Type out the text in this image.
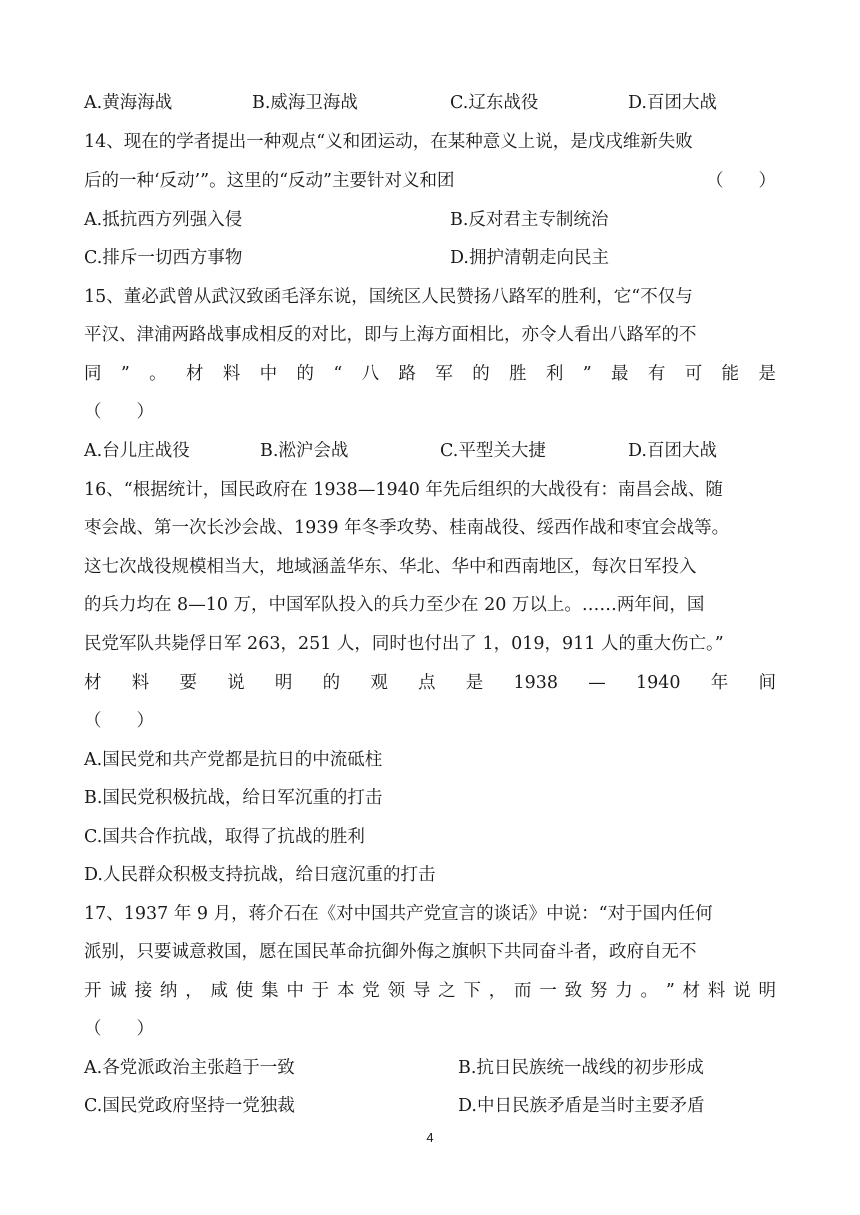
A.黄海海战	B.威海卫海战	C.辽东战役	D.百团大战
14、现在的学者提出一种观点“义和团运动，在某种意义上说，是戊戌维新失败
后的一种‘反动’”。这里的“反动”主要针对义和团	（　　）
A.抵抗西方列强入侵	B.反对君主专制统治
C.排斥一切西方事物	D.拥护清朝走向民主
15、董必武曾从武汉致函毛泽东说，国统区人民赞扬八路军的胜利，它“不仅与
平汉、津浦两路战事成相反的对比，即与上海方面相比，亦令人看出八路军的不
同 ” 。 材 料 中 的 “ 八 路 军 的 胜 利 ” 最 有 可 能 是
（　　）
A.台儿庄战役	B.淞沪会战	C.平型关大捷	D.百团大战
16、“根据统计，国民政府在 1938—1940 年先后组织的大战役有：南昌会战、随
枣会战、第一次长沙会战、1939 年冬季攻势、桂南战役、绥西作战和枣宜会战等。
这七次战役规模相当大，地域涵盖华东、华北、华中和西南地区，每次日军投入
的兵力均在 8—10 万，中国军队投入的兵力至少在 20 万以上。……两年间，国
民党军队共毙俘日军 263，251 人，同时也付出了 1，019，911 人的重大伤亡。”
材 料 要 说 明 的 观 点 是 1938 — 1940 年 间
（　　）
A.国民党和共产党都是抗日的中流砥柱
B.国民党积极抗战，给日军沉重的打击
C.国共合作抗战，取得了抗战的胜利
D.人民群众积极支持抗战，给日寇沉重的打击
17、1937 年 9 月，蒋介石在《对中国共产党宣言的谈话》中说：“对于国内任何
派别，只要诚意救国，愿在国民革命抗御外侮之旗帜下共同奋斗者，政府自无不
开 诚 接 纳 ， 咸 使 集 中 于 本 党 领 导 之 下 ， 而 一 致 努 力 。 ” 材 料 说 明
（　　）
A.各党派政治主张趋于一致	B.抗日民族统一战线的初步形成
C.国民党政府坚持一党独裁	D.中日民族矛盾是当时主要矛盾
4
